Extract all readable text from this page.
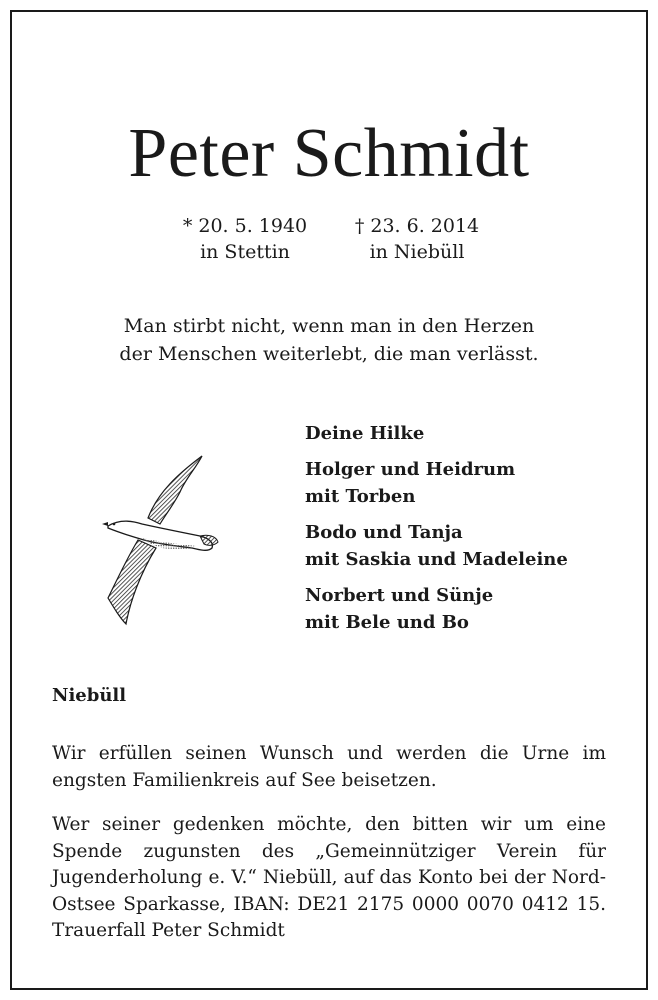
Peter Schmidt
* 20. 5. 1940
in Stettin
† 23. 6. 2014
in Niebüll
Man stirbt nicht, wenn man in den Herzen
der Menschen weiterlebt, die man verlässt.
Deine Hilke
Holger und Heidrum
mit Torben
Bodo und Tanja
mit Saskia und Madeleine
Norbert und Sünje
mit Bele und Bo
Niebüll
Wir erfüllen seinen Wunsch und werden die Urne im engsten Familienkreis auf See beisetzen.
Wer seiner gedenken möchte, den bitten wir um eine Spende zugunsten des „Gemeinnütziger Verein für Jugenderholung e. V.“ Niebüll, auf das Konto bei der Nord-Ostsee Sparkasse, IBAN: DE21 2175 0000 0070 0412 15. Trauerfall Peter Schmidt
